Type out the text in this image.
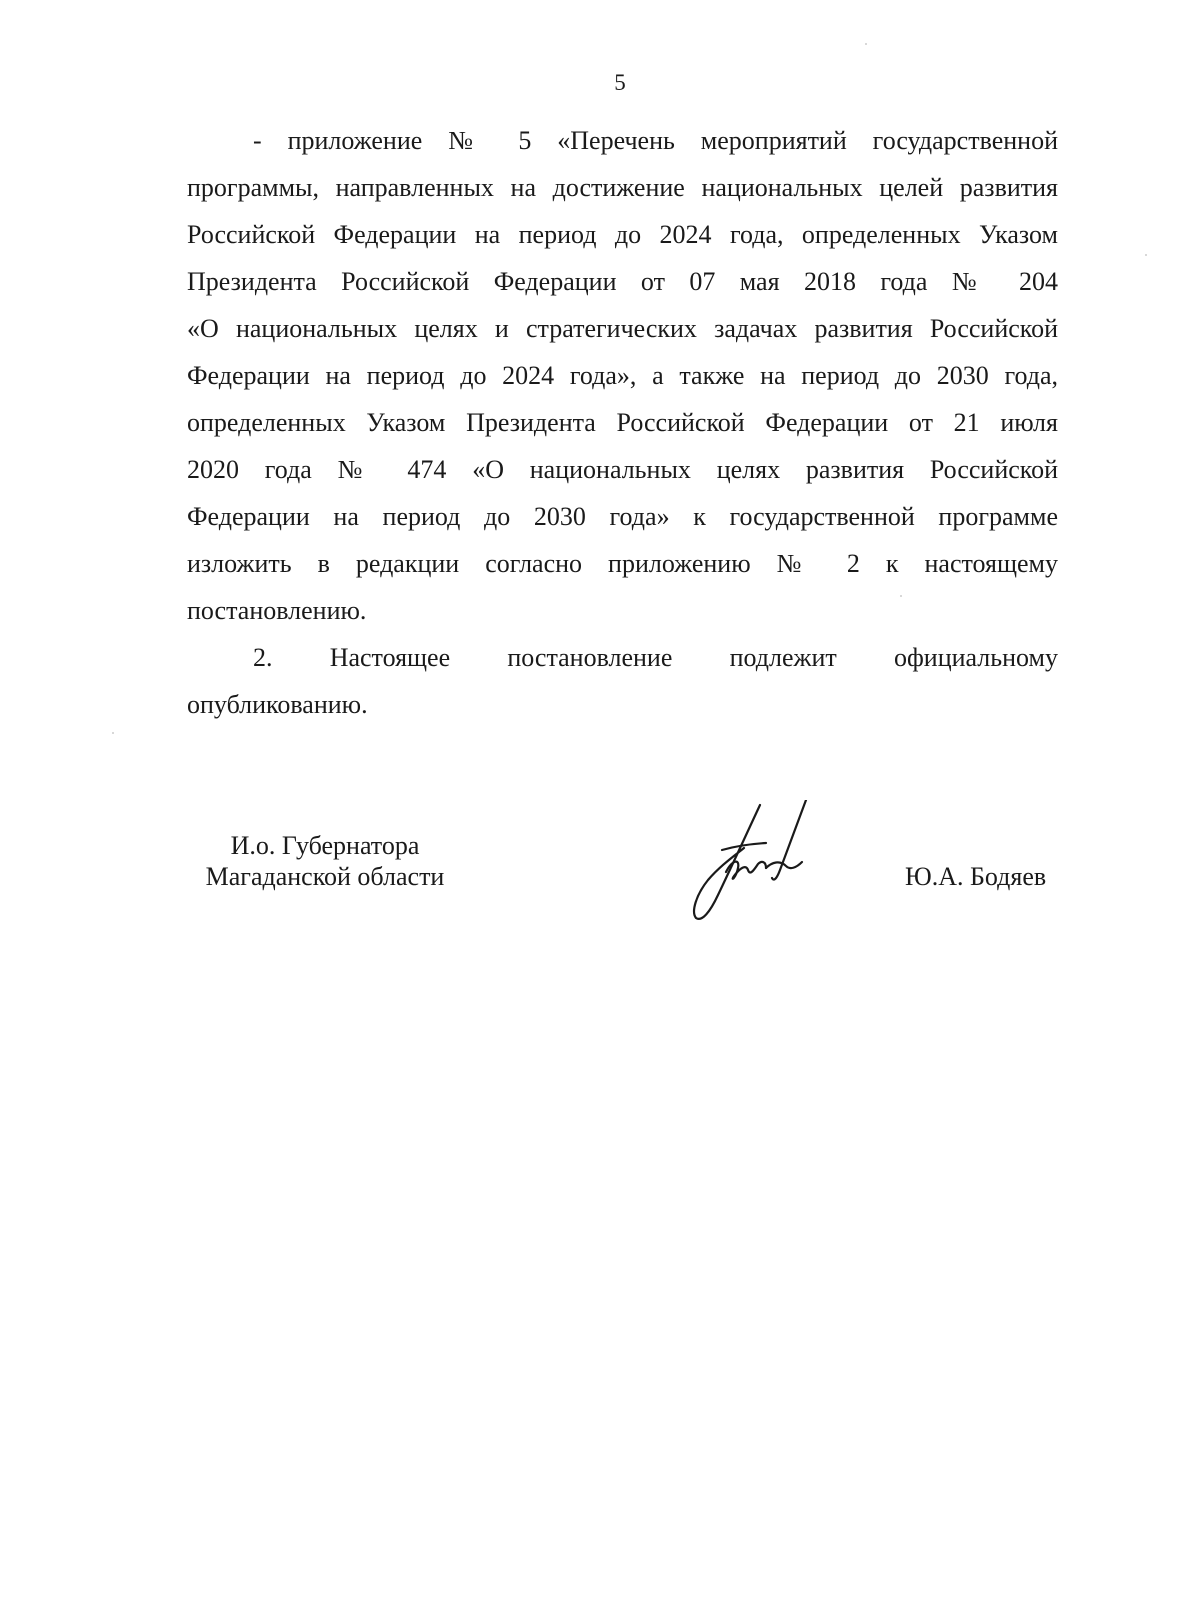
5
- приложение № 5 «Перечень мероприятий государственной
программы, направленных на достижение национальных целей развития
Российской Федерации на период до 2024 года, определенных Указом
Президента Российской Федерации от 07 мая 2018 года № 204
«О национальных целях и стратегических задачах развития Российской
Федерации на период до 2024 года», а также на период до 2030 года,
определенных Указом Президента Российской Федерации от 21 июля
2020 года № 474 «О национальных целях развития Российской
Федерации на период до 2030 года» к государственной программе
изложить в редакции согласно приложению № 2 к настоящему
постановлению.
2. Настоящее постановление подлежит официальному
опубликованию.
И.о. Губернатора
Магаданской области	Ю.А. Бодяев
